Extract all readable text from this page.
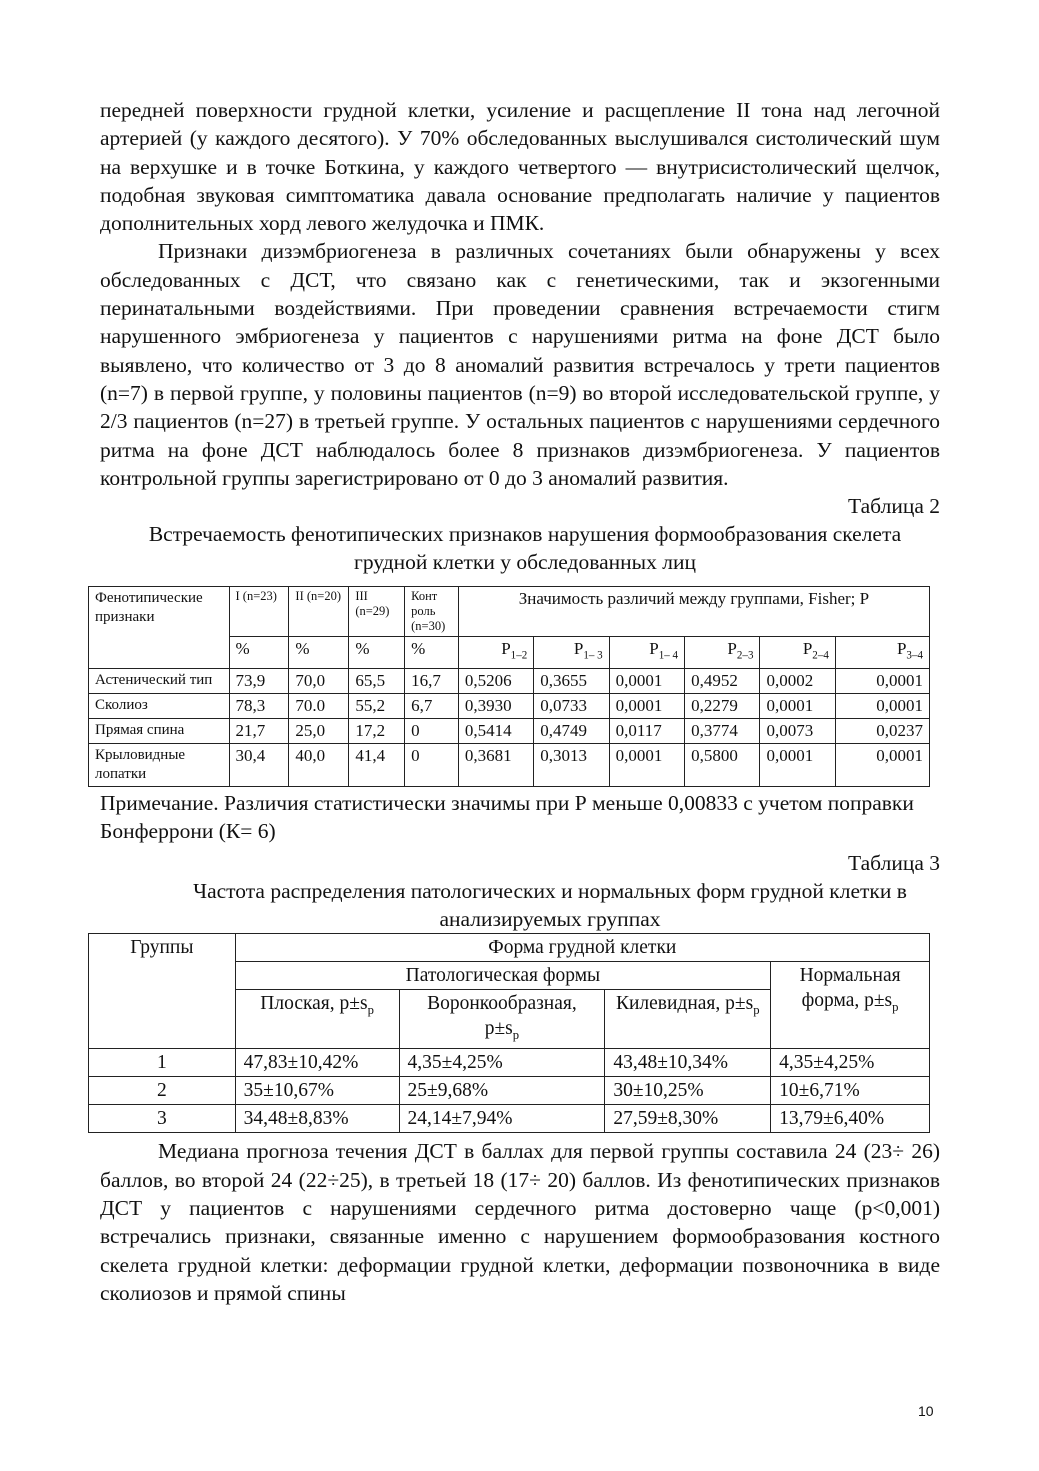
передней поверхности грудной клетки, усиление и расщепление II тона над легочной артерией (у каждого десятого). У 70% обследованных выслушивался систолический шум на верхушке и в точке Боткина, у каждого четвертого — внутрисистолический щелчок, подобная звуковая симптоматика давала основание предполагать наличие у пациентов дополнительных хорд левого желудочка и ПМК.

Признаки дизэмбриогенеза в различных сочетаниях были обнаружены у всех обследованных с ДСТ, что связано как с генетическими, так и экзогенными перинатальными воздействиями. При проведении сравнения встречаемости стигм нарушенного эмбриогенеза у пациентов с нарушениями ритма на фоне ДСТ было выявлено, что количество от 3 до 8 аномалий развития встречалось у трети пациентов (n=7) в первой группе, у половины пациентов (n=9) во второй исследовательской группе, у 2/3 пациентов (n=27) в третьей группе. У остальных пациентов с нарушениями сердечного ритма на фоне ДСТ наблюдалось более 8 признаков дизэмбриогенеза. У пациентов контрольной группы зарегистрировано от 0 до 3 аномалий развития.

Таблица 2

Встречаемость фенотипических признаков нарушения формообразования скелета грудной клетки у обследованных лиц

Фенотипические признаки	I (n=23)	II (n=20)	III (n=29)	Конт роль (n=30)	Значимость различий между группами, Fisher; P					
	%	%	%	%	$P_{1-2}$	$P_{1- 3}$	$P_{1- 4}$	$P_{2-3}$	$P_{2-4}$	$P_{3-4}$
Астенический тип	73,9	70,0	65,5	16,7	0,5206	0,3655	0,0001	0,4952	0,0002	0,0001
Сколиоз	78,3	70.0	55,2	6,7	0,3930	0,0733	0,0001	0,2279	0,0001	0,0001
Прямая спина	21,7	25,0	17,2	0	0,5414	0,4749	0,0117	0,3774	0,0073	0,0237
Крыловидные лопатки	30,4	40,0	41,4	0	0,3681	0,3013	0,0001	0,5800	0,0001	0,0001

Примечание. Различия статистически значимы при Р меньше 0,00833 с учетом поправки Бонферрони (К= 6)

Таблица 3

Частота распределения патологических и нормальных форм грудной клетки в анализируемых группах

Группы	Форма грудной клетки			
	Патологическая формы			Нормальная форма, $p\pm s_p$
	Плоская, $p\pm s_p$	Воронкообразная, $p\pm s_p$	Килевидная, $p\pm s_p$
1	47,83±10,42%	4,35±4,25%	43,48±10,34%	4,35±4,25%
2	35±10,67%	25±9,68%	30±10,25%	10±6,71%
3	34,48±8,83%	24,14±7,94%	27,59±8,30%	13,79±6,40%

Медиана прогноза течения ДСТ в баллах для первой группы составила 24 (23÷ 26) баллов, во второй 24 (22÷25), в третьей 18 (17÷ 20) баллов. Из фенотипических признаков ДСТ у пациентов с нарушениями сердечного ритма достоверно чаще (р<0,001) встречались признаки, связанные именно с нарушением формообразования костного скелета грудной клетки: деформации грудной клетки, деформации позвоночника в виде сколиозов и прямой спины

10
